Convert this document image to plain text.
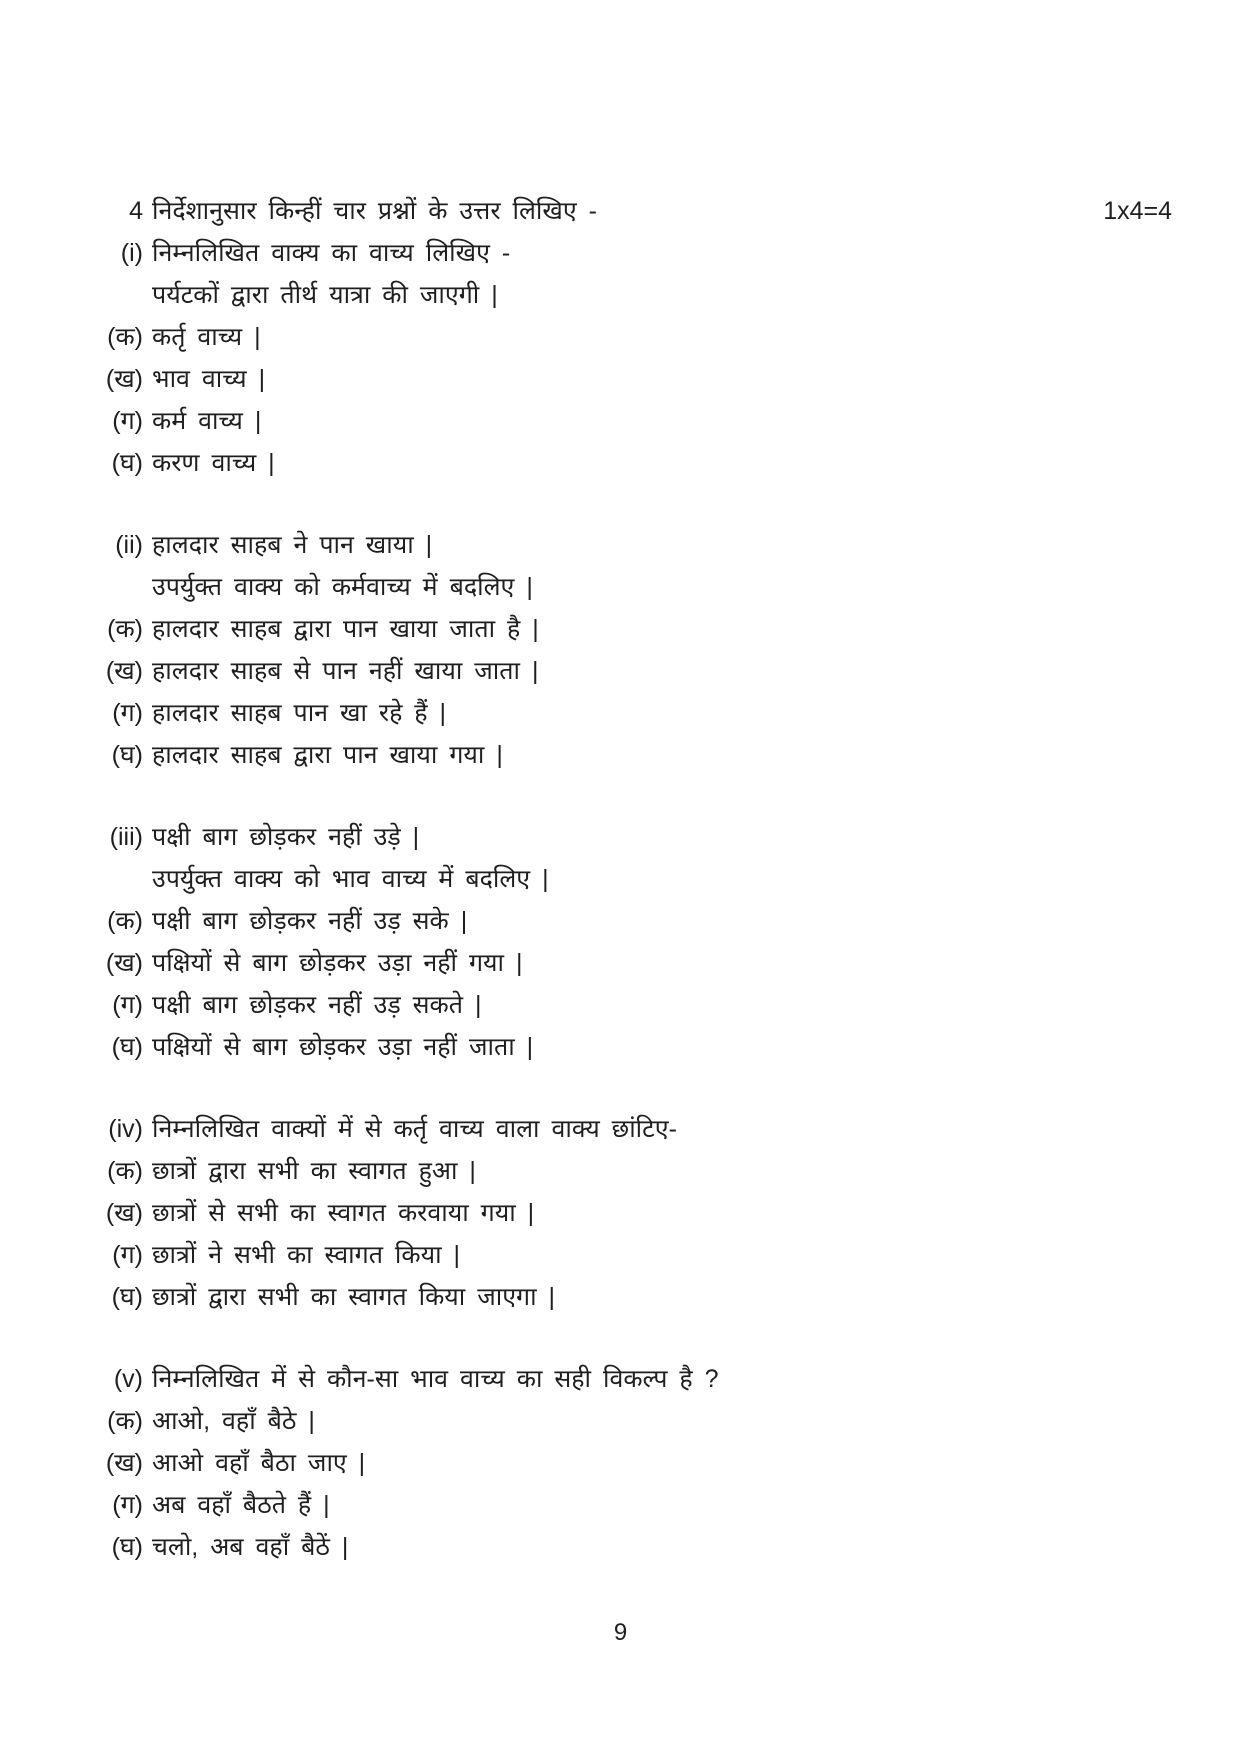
4 निर्देशानुसार किन्हीं चार प्रश्नों के उत्तर लिखिए -	1x4=4
(i) निम्नलिखित वाक्य का वाच्य लिखिए -
पर्यटकों द्वारा तीर्थ यात्रा की जाएगी |
(क) कर्तृ वाच्य |
(ख) भाव वाच्य |
(ग) कर्म वाच्य |
(घ) करण वाच्य |
(ii) हालदार साहब ने पान खाया |
उपर्युक्त वाक्य को कर्मवाच्य में बदलिए |
(क) हालदार साहब द्वारा पान खाया जाता है |
(ख) हालदार साहब से पान नहीं खाया जाता |
(ग) हालदार साहब पान खा रहे हैं |
(घ) हालदार साहब द्वारा पान खाया गया |
(iii) पक्षी बाग छोड़कर नहीं उड़े |
उपर्युक्त वाक्य को भाव वाच्य में बदलिए |
(क) पक्षी बाग छोड़कर नहीं उड़ सके |
(ख) पक्षियों से बाग छोड़कर उड़ा नहीं गया |
(ग) पक्षी बाग छोड़कर नहीं उड़ सकते |
(घ) पक्षियों से बाग छोड़कर उड़ा नहीं जाता |
(iv) निम्नलिखित वाक्यों में से कर्तृ वाच्य वाला वाक्य छांटिए-
(क) छात्रों द्वारा सभी का स्वागत हुआ |
(ख) छात्रों से सभी का स्वागत करवाया गया |
(ग) छात्रों ने सभी का स्वागत किया |
(घ) छात्रों द्वारा सभी का स्वागत किया जाएगा |
(v) निम्नलिखित में से कौन-सा भाव वाच्य का सही विकल्प है ?
(क) आओ, वहाँ बैठे |
(ख) आओ वहाँ बैठा जाए |
(ग) अब वहाँ बैठते हैं |
(घ) चलो, अब वहाँ बैठें |
9
